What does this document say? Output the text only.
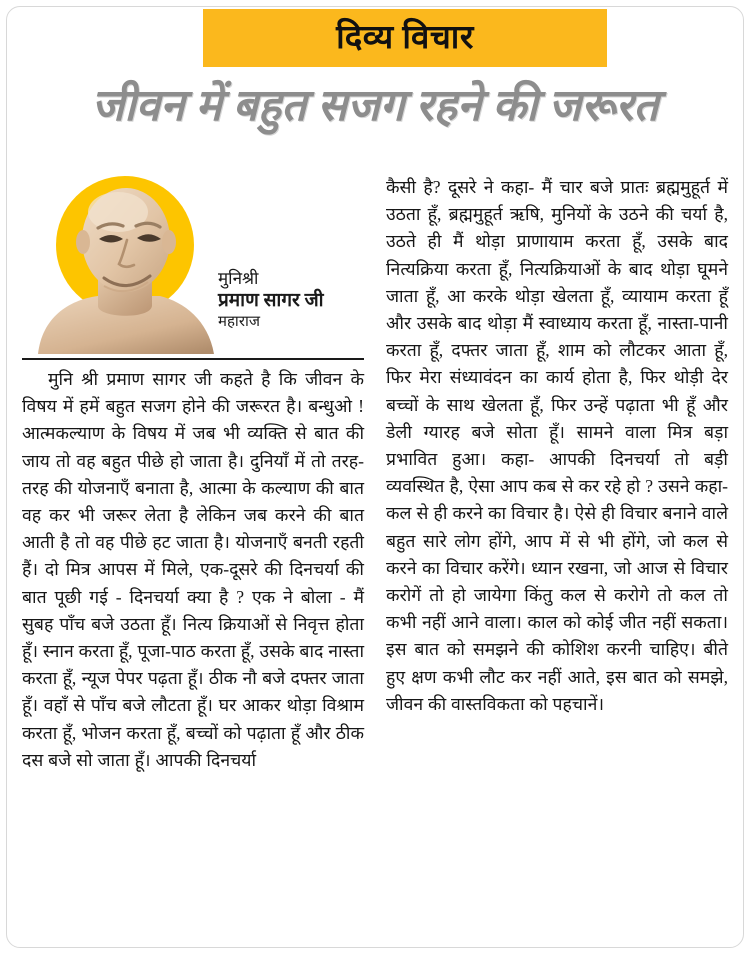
दिव्य विचार
जीवन में बहुत सजग रहने की जरूरत
मुनिश्री
प्रमाण सागर जी
महाराज
मुनि श्री प्रमाण सागर जी कहते है कि जीवन के विषय में हमें बहुत सजग होने की जरूरत है। बन्धुओ ! आत्मकल्याण के विषय में जब भी व्यक्ति से बात की जाय तो वह बहुत पीछे हो जाता है। दुनियाँ में तो तरह-तरह की योजनाएँ बनाता है, आत्मा के कल्याण की बात वह कर भी जरूर लेता है लेकिन जब करने की बात आती है तो वह पीछे हट जाता है। योजनाएँ बनती रहती हैं। दो मित्र आपस में मिले, एक-दूसरे की दिनचर्या की बात पूछी गई - दिनचर्या क्या है ? एक ने बोला - मैं सुबह पाँच बजे उठता हूँ। नित्य क्रियाओं से निवृत्त होता हूँ। स्नान करता हूँ, पूजा-पाठ करता हूँ, उसके बाद नास्ता करता हूँ, न्यूज पेपर पढ़ता हूँ। ठीक नौ बजे दफ्तर जाता हूँ। वहाँ से पाँच बजे लौटता हूँ। घर आकर थोड़ा विश्राम करता हूँ, भोजन करता हूँ, बच्चों को पढ़ाता हूँ और ठीक दस बजे सो जाता हूँ। आपकी दिनचर्या
कैसी है? दूसरे ने कहा- मैं चार बजे प्रातः ब्रह्ममुहूर्त में उठता हूँ, ब्रह्ममुहूर्त ऋषि, मुनियों के उठने की चर्या है, उठते ही मैं थोड़ा प्राणायाम करता हूँ, उसके बाद नित्यक्रिया करता हूँ, नित्यक्रियाओं के बाद थोड़ा घूमने जाता हूँ, आ करके थोड़ा खेलता हूँ, व्यायाम करता हूँ और उसके बाद थोड़ा मैं स्वाध्याय करता हूँ, नास्ता-पानी करता हूँ, दफ्तर जाता हूँ, शाम को लौटकर आता हूँ, फिर मेरा संध्यावंदन का कार्य होता है, फिर थोड़ी देर बच्चों के साथ खेलता हूँ, फिर उन्हें पढ़ाता भी हूँ और डेली ग्यारह बजे सोता हूँ। सामने वाला मित्र बड़ा प्रभावित हुआ। कहा- आपकी दिनचर्या तो बड़ी व्यवस्थित है, ऐसा आप कब से कर रहे हो ? उसने कहा- कल से ही करने का विचार है। ऐसे ही विचार बनाने वाले बहुत सारे लोग होंगे, आप में से भी होंगे, जो कल से करने का विचार करेंगे। ध्यान रखना, जो आज से विचार करोगें तो हो जायेगा किंतु कल से करोगे तो कल तो कभी नहीं आने वाला। काल को कोई जीत नहीं सकता। इस बात को समझने की कोशिश करनी चाहिए। बीते हुए क्षण कभी लौट कर नहीं आते, इस बात को समझे, जीवन की वास्तविकता को पहचानें।
